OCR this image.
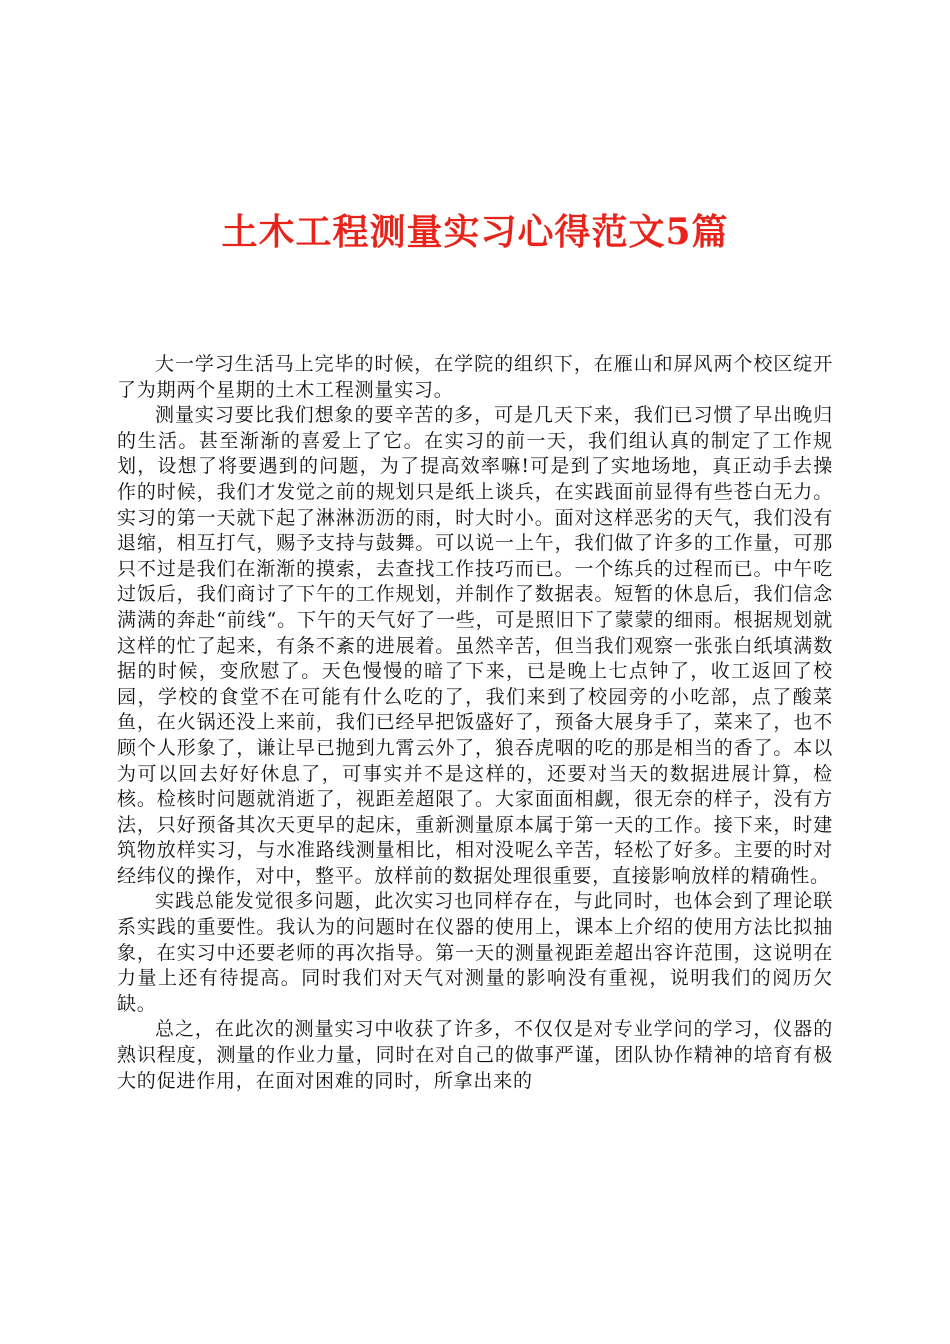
土木工程测量实习心得范文5篇

大一学习生活马上完毕的时候，在学院的组织下，在雁山和屏风两个校区绽开了为期两个星期的土木工程测量实习。

测量实习要比我们想象的要辛苦的多，可是几天下来，我们已习惯了早出晚归的生活。甚至渐渐的喜爱上了它。在实习的前一天，我们组认真的制定了工作规划，设想了将要遇到的问题，为了提高效率嘛!可是到了实地场地，真正动手去操作的时候，我们才发觉之前的规划只是纸上谈兵，在实践面前显得有些苍白无力。实习的第一天就下起了淋淋沥沥的雨，时大时小。面对这样恶劣的天气，我们没有退缩，相互打气，赐予支持与鼓舞。可以说一上午，我们做了许多的工作量，可那只不过是我们在渐渐的摸索，去查找工作技巧而已。一个练兵的过程而已。中午吃过饭后，我们商讨了下午的工作规划，并制作了数据表。短暂的休息后，我们信念满满的奔赴“前线“。下午的天气好了一些，可是照旧下了蒙蒙的细雨。根据规划就这样的忙了起来，有条不紊的进展着。虽然辛苦，但当我们观察一张张白纸填满数据的时候，变欣慰了。天色慢慢的暗了下来，已是晚上七点钟了，收工返回了校园，学校的食堂不在可能有什么吃的了，我们来到了校园旁的小吃部，点了酸菜鱼，在火锅还没上来前，我们已经早把饭盛好了，预备大展身手了，菜来了，也不顾个人形象了，谦让早已抛到九霄云外了，狼吞虎咽的吃的那是相当的香了。本以为可以回去好好休息了，可事实并不是这样的，还要对当天的数据进展计算，检核。检核时问题就消逝了，视距差超限了。大家面面相觑，很无奈的样子，没有方法，只好预备其次天更早的起床，重新测量原本属于第一天的工作。接下来，时建筑物放样实习，与水准路线测量相比，相对没呢么辛苦，轻松了好多。主要的时对经纬仪的操作，对中，整平。放样前的数据处理很重要，直接影响放样的精确性。

实践总能发觉很多问题，此次实习也同样存在，与此同时，也体会到了理论联系实践的重要性。我认为的问题时在仪器的使用上，课本上介绍的使用方法比拟抽象，在实习中还要老师的再次指导。第一天的测量视距差超出容许范围，这说明在力量上还有待提高。同时我们对天气对测量的影响没有重视，说明我们的阅历欠缺。

总之，在此次的测量实习中收获了许多，不仅仅是对专业学问的学习，仪器的熟识程度，测量的作业力量，同时在对自己的做事严谨，团队协作精神的培育有极大的促进作用，在面对困难的同时，所拿出来的
